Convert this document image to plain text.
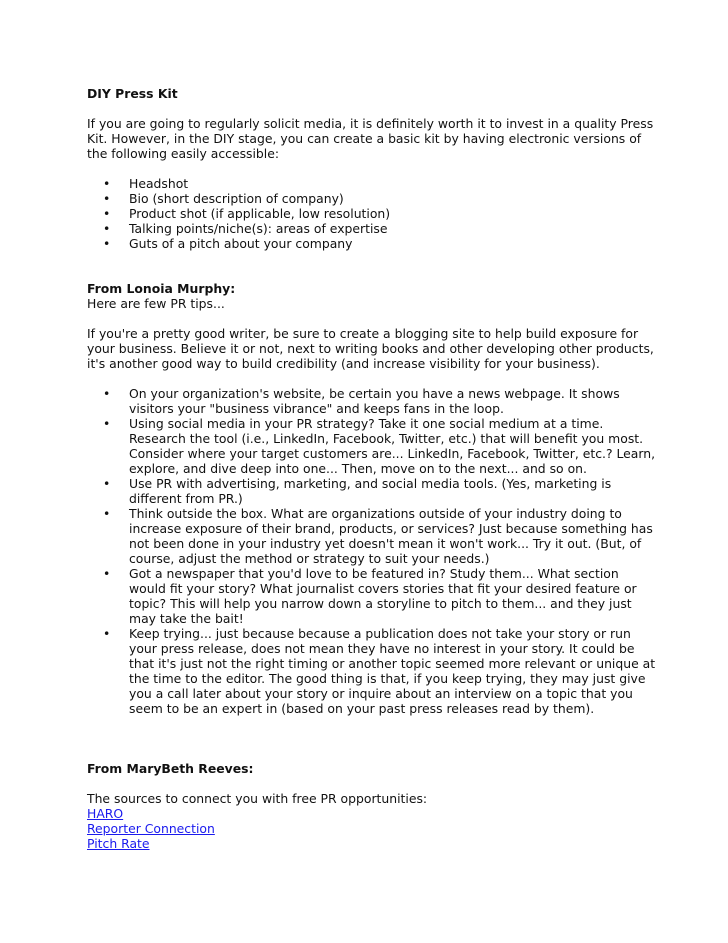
DIY Press Kit

If you are going to regularly solicit media, it is definitely worth it to invest in a quality Press Kit. However, in the DIY stage, you can create a basic kit by having electronic versions of the following easily accessible:

• Headshot
• Bio (short description of company)
• Product shot (if applicable, low resolution)
• Talking points/niche(s): areas of expertise
• Guts of a pitch about your company
From Lonoia Murphy:

Here are few PR tips...

If you're a pretty good writer, be sure to create a blogging site to help build exposure for your business. Believe it or not, next to writing books and other developing other products, it's another good way to build credibility (and increase visibility for your business).

• On your organization's website, be certain you have a news webpage. It shows visitors your "business vibrance" and keeps fans in the loop.
• Using social media in your PR strategy? Take it one social medium at a time. Research the tool (i.e., LinkedIn, Facebook, Twitter, etc.) that will benefit you most. Consider where your target customers are... LinkedIn, Facebook, Twitter, etc.? Learn, explore, and dive deep into one... Then, move on to the next... and so on.
• Use PR with advertising, marketing, and social media tools. (Yes, marketing is different from PR.)
• Think outside the box. What are organizations outside of your industry doing to increase exposure of their brand, products, or services? Just because something has not been done in your industry yet doesn't mean it won't work... Try it out. (But, of course, adjust the method or strategy to suit your needs.)
• Got a newspaper that you'd love to be featured in? Study them... What section would fit your story? What journalist covers stories that fit your desired feature or topic? This will help you narrow down a storyline to pitch to them... and they just may take the bait!
• Keep trying... just because because a publication does not take your story or run your press release, does not mean they have no interest in your story. It could be that it's just not the right timing or another topic seemed more relevant or unique at the time to the editor. The good thing is that, if you keep trying, they may just give you a call later about your story or inquire about an interview on a topic that you seem to be an expert in (based on your past press releases read by them).
From MaryBeth Reeves:

The sources to connect you with free PR opportunities:

HARO
Reporter Connection
Pitch Rate
